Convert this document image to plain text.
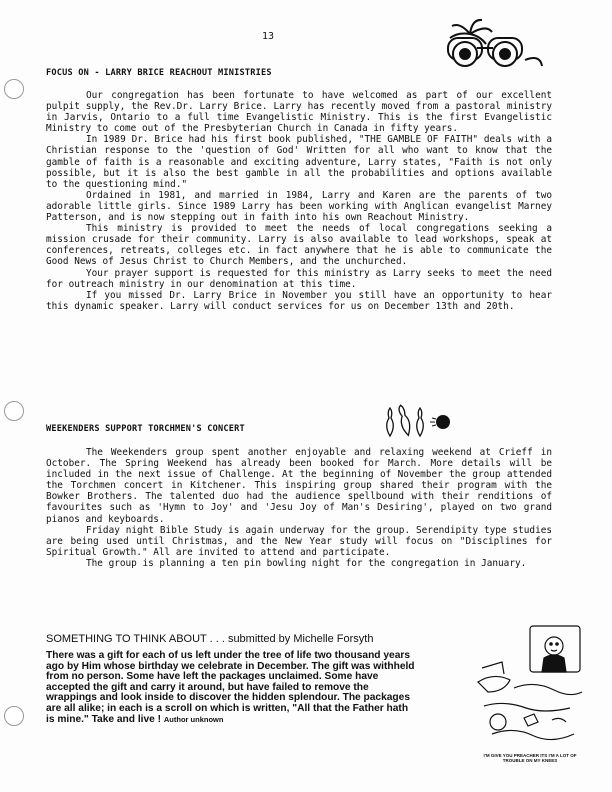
13
FOCUS ON - LARRY BRICE REACHOUT MINISTRIES

Our congregation has been fortunate to have welcomed as part of our excellent pulpit supply, the Rev.Dr. Larry Brice. Larry has recently moved from a pastoral ministry in Jarvis, Ontario to a full time Evangelistic Ministry. This is the first Evangelistic Ministry to come out of the Presbyterian Church in Canada in fifty years.

In 1989 Dr. Brice had his first book published, "THE GAMBLE OF FAITH" deals with a Christian response to the 'question of God' Written for all who want to know that the gamble of faith is a reasonable and exciting adventure, Larry states, "Faith is not only possible, but it is also the best gamble in all the probabilities and options available to the questioning mind."

Ordained in 1981, and married in 1984, Larry and Karen are the parents of two adorable little girls. Since 1989 Larry has been working with Anglican evangelist Marney Patterson, and is now stepping out in faith into his own Reachout Ministry.

This ministry is provided to meet the needs of local congregations seeking a mission crusade for their community. Larry is also available to lead workshops, speak at conferences, retreats, colleges etc. in fact anywhere that he is able to communicate the Good News of Jesus Christ to Church Members, and the unchurched.

Your prayer support is requested for this ministry as Larry seeks to meet the need for outreach ministry in our denomination at this time.

If you missed Dr. Larry Brice in November you still have an opportunity to hear this dynamic speaker. Larry will conduct services for us on December 13th and 20th.

WEEKENDERS SUPPORT TORCHMEN'S CONCERT

The Weekenders group spent another enjoyable and relaxing weekend at Crieff in October. The Spring Weekend has already been booked for March. More details will be included in the next issue of Challenge. At the beginning of November the group attended the Torchmen concert in Kitchener. This inspiring group shared their program with the Bowker Brothers. The talented duo had the audience spellbound with their renditions of favourites such as 'Hymn to Joy' and 'Jesu Joy of Man's Desiring', played on two grand pianos and keyboards.

Friday night Bible Study is again underway for the group. Serendipity type studies are being used until Christmas, and the New Year study will focus on "Disciplines for Spiritual Growth." All are invited to attend and participate.

The group is planning a ten pin bowling night for the congregation in January.

SOMETHING TO THINK ABOUT . . . submitted by Michelle Forsyth
There was a gift for each of us left under the tree of life two thousand years ago by Him whose birthday we celebrate in December. The gift was withheld from no person. Some have left the packages unclaimed. Some have accepted the gift and carry it around, but have failed to remove the wrappings and look inside to discover the hidden splendour. The packages are all alike; in each is a scroll on which is written, "All that the Father hath is mine." Take and live ! Author unknown
I'M GIVE YOU PREACHER ITS I'M A LOT OF TROUBLE ON MY KNEES
